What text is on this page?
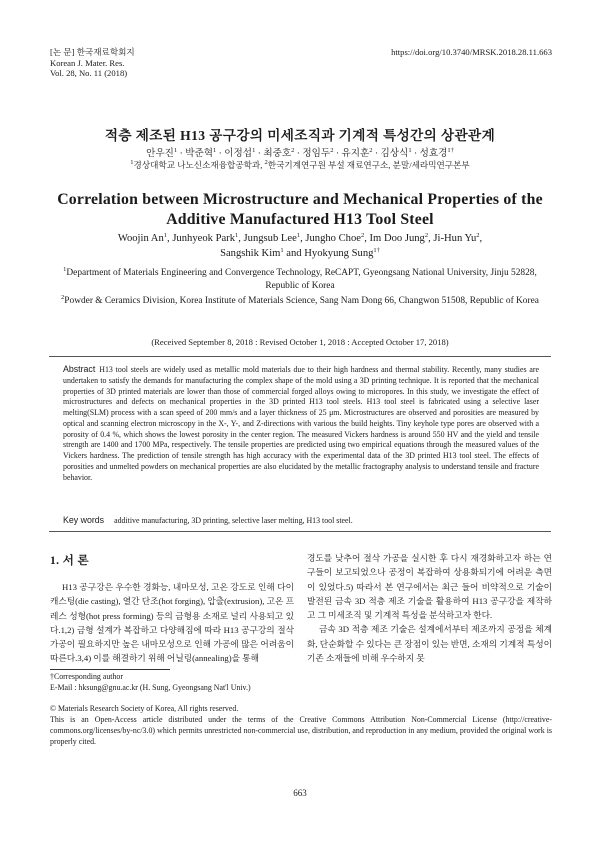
[논 문] 한국재료학회지
Korean J. Mater. Res.
Vol. 28, No. 11 (2018)
https://doi.org/10.3740/MRSK.2018.28.11.663
적층 제조된 H13 공구강의 미세조직과 기계적 특성간의 상관관계
안우진$^1$ · 박준혁$^1$ · 이정섭$^1$ · 최중호$^2$ · 정임두$^2$ · 유지훈$^2$ · 김상식$^1$ · 성효경$^{1\dagger}$
$^1$경상대학교 나노신소재융합공학과, $^2$한국기계연구원 부설 재료연구소, 분말/세라믹연구본부
Correlation between Microstructure and Mechanical Properties of the Additive Manufactured H13 Tool Steel
Woojin An$^1$, Junhyeok Park$^1$, Jungsub Lee$^1$, Jungho Choe$^2$, Im Doo Jung$^2$, Ji-Hun Yu$^2$,
Sangshik Kim$^1$ and Hyokyung Sung$^{1\dagger}$
$^1$Department of Materials Engineering and Convergence Technology, ReCAPT, Gyeongsang National University, Jinju 52828, Republic of Korea
$^2$Powder & Ceramics Division, Korea Institute of Materials Science, Sang Nam Dong 66, Changwon 51508, Republic of Korea
(Received September 8, 2018 : Revised October 1, 2018 : Accepted October 17, 2018)
Abstract H13 tool steels are widely used as metallic mold materials due to their high hardness and thermal stability. Recently, many studies are undertaken to satisfy the demands for manufacturing the complex shape of the mold using a 3D printing technique. It is reported that the mechanical properties of 3D printed materials are lower than those of commercial forged alloys owing to micropores. In this study, we investigate the effect of microstructures and defects on mechanical properties in the 3D printed H13 tool steels. H13 tool steel is fabricated using a selective laser melting(SLM) process with a scan speed of 200 mm/s and a layer thickness of 25 μm. Microstructures are observed and porosities are measured by optical and scanning electron microscopy in the X-, Y-, and Z-directions with various the build heights. Tiny keyhole type pores are observed with a porosity of 0.4 %, which shows the lowest porosity in the center region. The measured Vickers hardness is around 550 HV and the yield and tensile strength are 1400 and 1700 MPa, respectively. The tensile properties are predicted using two empirical equations through the measured values of the Vickers hardness. The prediction of tensile strength has high accuracy with the experimental data of the 3D printed H13 tool steel. The effects of porosities and unmelted powders on mechanical properties are also elucidated by the metallic fractography analysis to understand tensile and fracture behavior.
Key words additive manufacturing, 3D printing, selective laser melting, H13 tool steel.
1. 서 론
H13 공구강은 우수한 경화능, 내마모성, 고온 강도로 인해 다이캐스팅(die casting), 열간 단조(hot forging), 압출(extrusion), 고온 프레스 성형(hot press forming) 등의 금형용 소재로 널리 사용되고 있다.1,2) 금형 설계가 복잡하고 다양해짐에 따라 H13 공구강의 절삭가공이 필요하지만 높은 내마모성으로 인해 가공에 많은 어려움이 따른다.3,4) 이를 해결하기 위해 어닐링(annealing)을 통해

경도를 낮추어 절삭 가공을 실시한 후 다시 재경화하고자 하는 연구들이 보고되었으나 공정이 복잡하여 상용화되기에 어려운 측면이 있었다.5) 따라서 본 연구에서는 최근 들어 비약적으로 기술이 발전된 금속 3D 적층 제조 기술을 활용하여 H13 공구강을 제작하고 그 미세조직 및 기계적 특성을 분석하고자 한다.

금속 3D 적층 제조 기술은 설계에서부터 제조까지 공정을 체계화, 단순화할 수 있다는 큰 장점이 있는 반면, 소재의 기계적 특성이 기존 소재들에 비해 우수하지 못

†Corresponding author
E-Mail : hksung@gnu.ac.kr (H. Sung, Gyeongsang Nat'l Univ.)
© Materials Research Society of Korea, All rights reserved.
This is an Open-Access article distributed under the terms of the Creative Commons Attribution Non-Commercial License (http://creative-commons.org/licenses/by-nc/3.0) which permits unrestricted non-commercial use, distribution, and reproduction in any medium, provided the original work is properly cited.
663
